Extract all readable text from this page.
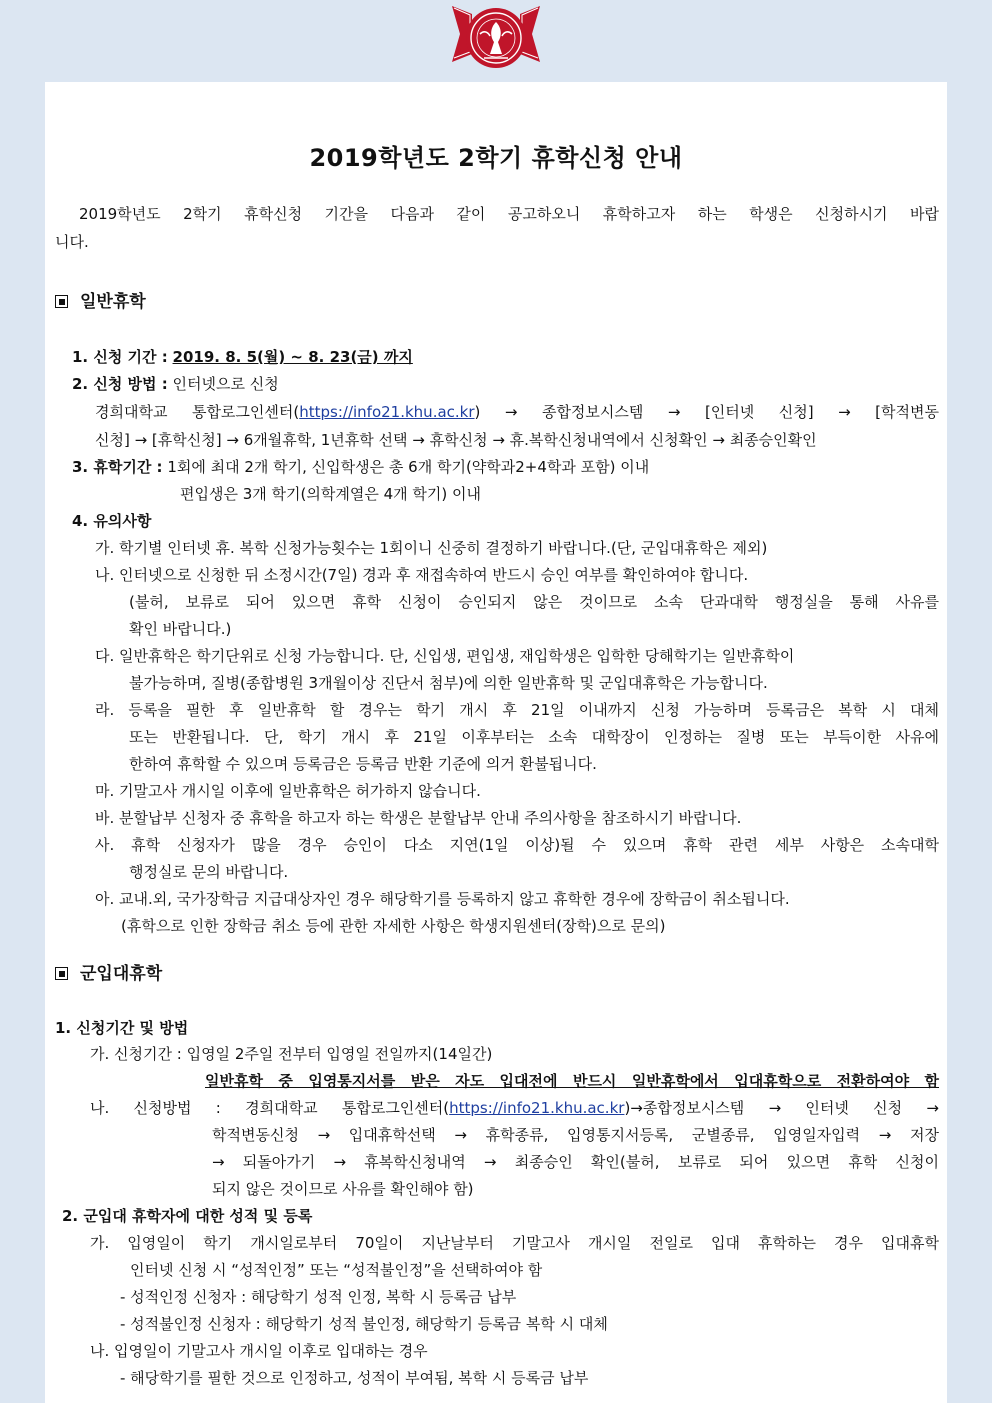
2019학년도 2학기 휴학신청 안내
2019학년도 2학기 휴학신청 기간을 다음과 같이 공고하오니 휴학하고자 하는 학생은 신청하시기 바랍
니다.
일반휴학
1. 신청 기간 : 2019. 8. 5(월) ~ 8. 23(금) 까지
2. 신청 방법 : 인터넷으로 신청
경희대학교 통합로그인센터(https://info21.khu.ac.kr) → 종합정보시스템 → [인터넷 신청] → [학적변동
신청] → [휴학신청] → 6개월휴학, 1년휴학 선택 → 휴학신청 → 휴.복학신청내역에서 신청확인 → 최종승인확인
3. 휴학기간 : 1회에 최대 2개 학기, 신입학생은 총 6개 학기(약학과2+4학과 포함) 이내
편입생은 3개 학기(의학계열은 4개 학기) 이내
4. 유의사항
가. 학기별 인터넷 휴. 복학 신청가능횟수는 1회이니 신중히 결정하기 바랍니다.(단, 군입대휴학은 제외)
나. 인터넷으로 신청한 뒤 소정시간(7일) 경과 후 재접속하여 반드시 승인 여부를 확인하여야 합니다.
(불허, 보류로 되어 있으면 휴학 신청이 승인되지 않은 것이므로 소속 단과대학 행정실을 통해 사유를
확인 바랍니다.)
다. 일반휴학은 학기단위로 신청 가능합니다. 단, 신입생, 편입생, 재입학생은 입학한 당해학기는 일반휴학이
불가능하며, 질병(종합병원 3개월이상 진단서 첨부)에 의한 일반휴학 및 군입대휴학은 가능합니다.
라. 등록을 필한 후 일반휴학 할 경우는 학기 개시 후 21일 이내까지 신청 가능하며 등록금은 복학 시 대체
또는 반환됩니다. 단, 학기 개시 후 21일 이후부터는 소속 대학장이 인정하는 질병 또는 부득이한 사유에
한하여 휴학할 수 있으며 등록금은 등록금 반환 기준에 의거 환불됩니다.
마. 기말고사 개시일 이후에 일반휴학은 허가하지 않습니다.
바. 분할납부 신청자 중 휴학을 하고자 하는 학생은 분할납부 안내 주의사항을 참조하시기 바랍니다.
사. 휴학 신청자가 많을 경우 승인이 다소 지연(1일 이상)될 수 있으며 휴학 관련 세부 사항은 소속대학
행정실로 문의 바랍니다.
아. 교내.외, 국가장학금 지급대상자인 경우 해당학기를 등록하지 않고 휴학한 경우에 장학금이 취소됩니다.
(휴학으로 인한 장학금 취소 등에 관한 자세한 사항은 학생지원센터(장학)으로 문의)
군입대휴학
1. 신청기간 및 방법
가. 신청기간 : 입영일 2주일 전부터 입영일 전일까지(14일간)
일반휴학 중 입영통지서를 받은 자도 입대전에 반드시 일반휴학에서 입대휴학으로 전환하여야 함
나. 신청방법 : 경희대학교 통합로그인센터(https://info21.khu.ac.kr)→종합정보시스템 → 인터넷 신청 →
학적변동신청 → 입대휴학선택 → 휴학종류, 입영통지서등록, 군별종류, 입영일자입력 → 저장
→ 되돌아가기 → 휴복학신청내역 → 최종승인 확인(불허, 보류로 되어 있으면 휴학 신청이
되지 않은 것이므로 사유를 확인해야 함)
2. 군입대 휴학자에 대한 성적 및 등록
가. 입영일이 학기 개시일로부터 70일이 지난날부터 기말고사 개시일 전일로 입대 휴학하는 경우 입대휴학
인터넷 신청 시 “성적인정” 또는 “성적불인정”을 선택하여야 함
- 성적인정 신청자 : 해당학기 성적 인정, 복학 시 등록금 납부
- 성적불인정 신청자 : 해당학기 성적 불인정, 해당학기 등록금 복학 시 대체
나. 입영일이 기말고사 개시일 이후로 입대하는 경우
- 해당학기를 필한 것으로 인정하고, 성적이 부여됨, 복학 시 등록금 납부
